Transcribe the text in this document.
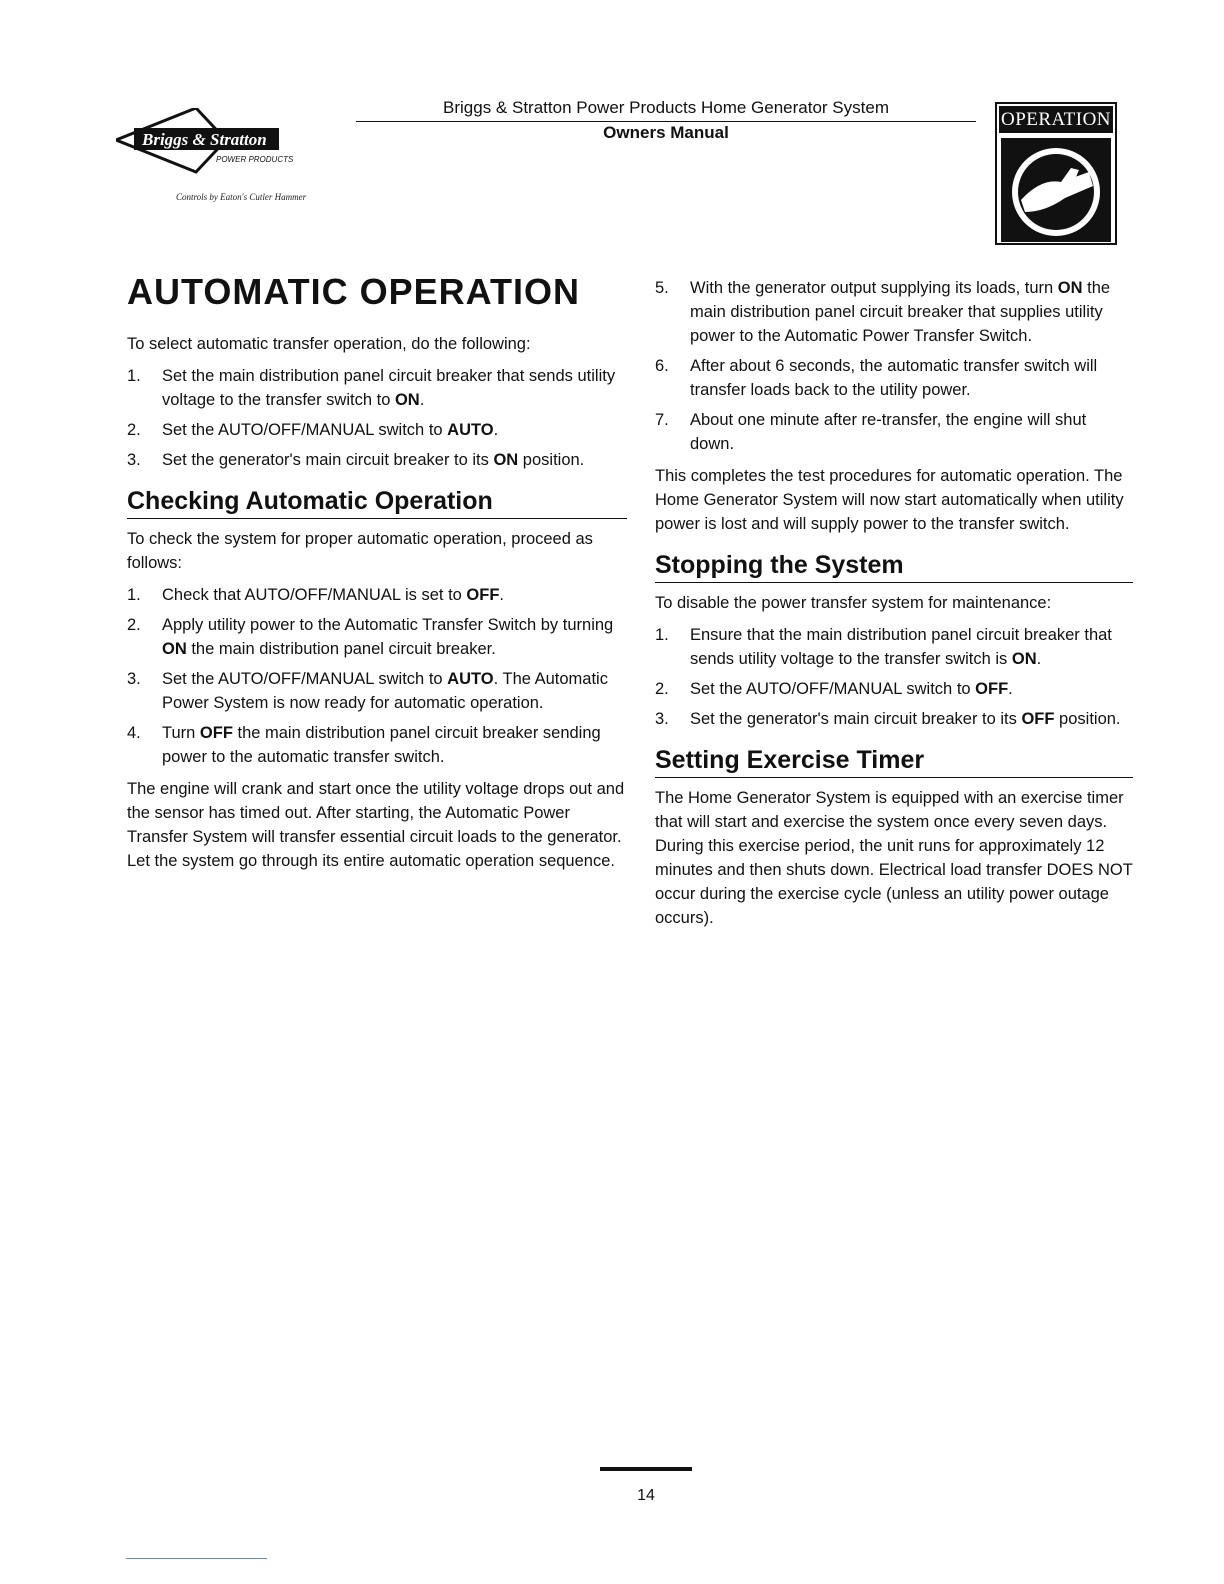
Briggs & Stratton
POWER PRODUCTS
Controls by Eaton's Cutler Hammer
Briggs & Stratton Power Products Home Generator System
Owners Manual
OPERATION
AUTOMATIC OPERATION

To select automatic transfer operation, do the following:

1. Set the main distribution panel circuit breaker that sends utility voltage to the transfer switch to ON.
2. Set the AUTO/OFF/MANUAL switch to AUTO.
3. Set the generator's main circuit breaker to its ON position.
Checking Automatic Operation

To check the system for proper automatic operation, proceed as follows:

1. Check that AUTO/OFF/MANUAL is set to OFF.
2. Apply utility power to the Automatic Transfer Switch by turning ON the main distribution panel circuit breaker.
3. Set the AUTO/OFF/MANUAL switch to AUTO. The Automatic Power System is now ready for automatic operation.
4. Turn OFF the main distribution panel circuit breaker sending power to the automatic transfer switch.

The engine will crank and start once the utility voltage drops out and the sensor has timed out. After starting, the Automatic Power Transfer System will transfer essential circuit loads to the generator. Let the system go through its entire automatic operation sequence.

5. With the generator output supplying its loads, turn ON the main distribution panel circuit breaker that supplies utility power to the Automatic Power Transfer Switch.
6. After about 6 seconds, the automatic transfer switch will transfer loads back to the utility power.
7. About one minute after re-transfer, the engine will shut down.

This completes the test procedures for automatic operation. The Home Generator System will now start automatically when utility power is lost and will supply power to the transfer switch.

Stopping the System

To disable the power transfer system for maintenance:

1. Ensure that the main distribution panel circuit breaker that sends utility voltage to the transfer switch is ON.
2. Set the AUTO/OFF/MANUAL switch to OFF.
3. Set the generator's main circuit breaker to its OFF position.
Setting Exercise Timer

The Home Generator System is equipped with an exercise timer that will start and exercise the system once every seven days. During this exercise period, the unit runs for approximately 12 minutes and then shuts down. Electrical load transfer DOES NOT occur during the exercise cycle (unless an utility power outage occurs).

14
